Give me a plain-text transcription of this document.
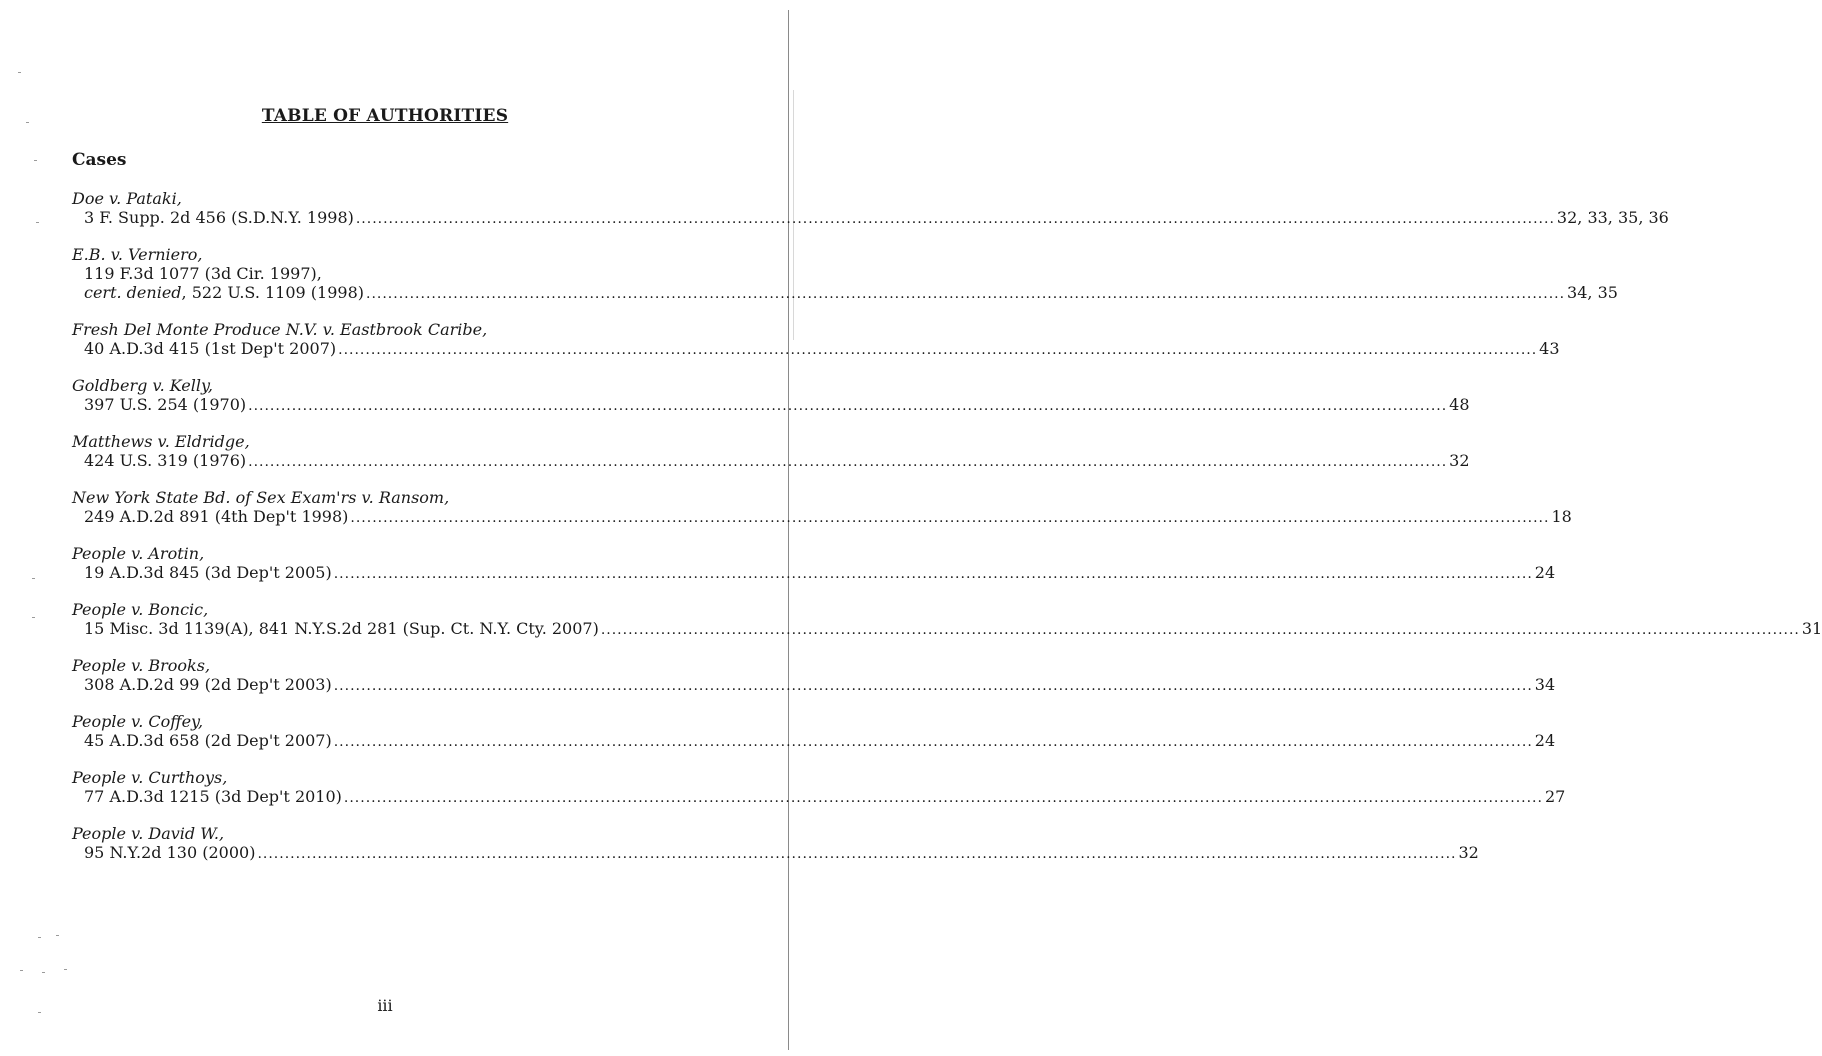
TABLE OF AUTHORITIES
Cases
Doe v. Pataki,
3 F. Supp. 2d 456 (S.D.N.Y. 1998) ............................................................................................................................................................................................................................ 32, 33, 35, 36
E.B. v. Verniero,
119 F.3d 1077 (3d Cir. 1997),
cert. denied, 522 U.S. 1109 (1998) ............................................................................................................................................................................................................................ 34, 35
Fresh Del Monte Produce N.V. v. Eastbrook Caribe,
40 A.D.3d 415 (1st Dep't 2007) ............................................................................................................................................................................................................................ 43
Goldberg v. Kelly,
397 U.S. 254 (1970) ............................................................................................................................................................................................................................ 48
Matthews v. Eldridge,
424 U.S. 319 (1976) ............................................................................................................................................................................................................................ 32
New York State Bd. of Sex Exam'rs v. Ransom,
249 A.D.2d 891 (4th Dep't 1998) ............................................................................................................................................................................................................................ 18
People v. Arotin,
19 A.D.3d 845 (3d Dep't 2005) ............................................................................................................................................................................................................................ 24
People v. Boncic,
15 Misc. 3d 1139(A), 841 N.Y.S.2d 281 (Sup. Ct. N.Y. Cty. 2007) ............................................................................................................................................................................................................................ 31
People v. Brooks,
308 A.D.2d 99 (2d Dep't 2003) ............................................................................................................................................................................................................................ 34
People v. Coffey,
45 A.D.3d 658 (2d Dep't 2007) ............................................................................................................................................................................................................................ 24
People v. Curthoys,
77 A.D.3d 1215 (3d Dep't 2010) ............................................................................................................................................................................................................................ 27
People v. David W.,
95 N.Y.2d 130 (2000) ............................................................................................................................................................................................................................ 32
iii
